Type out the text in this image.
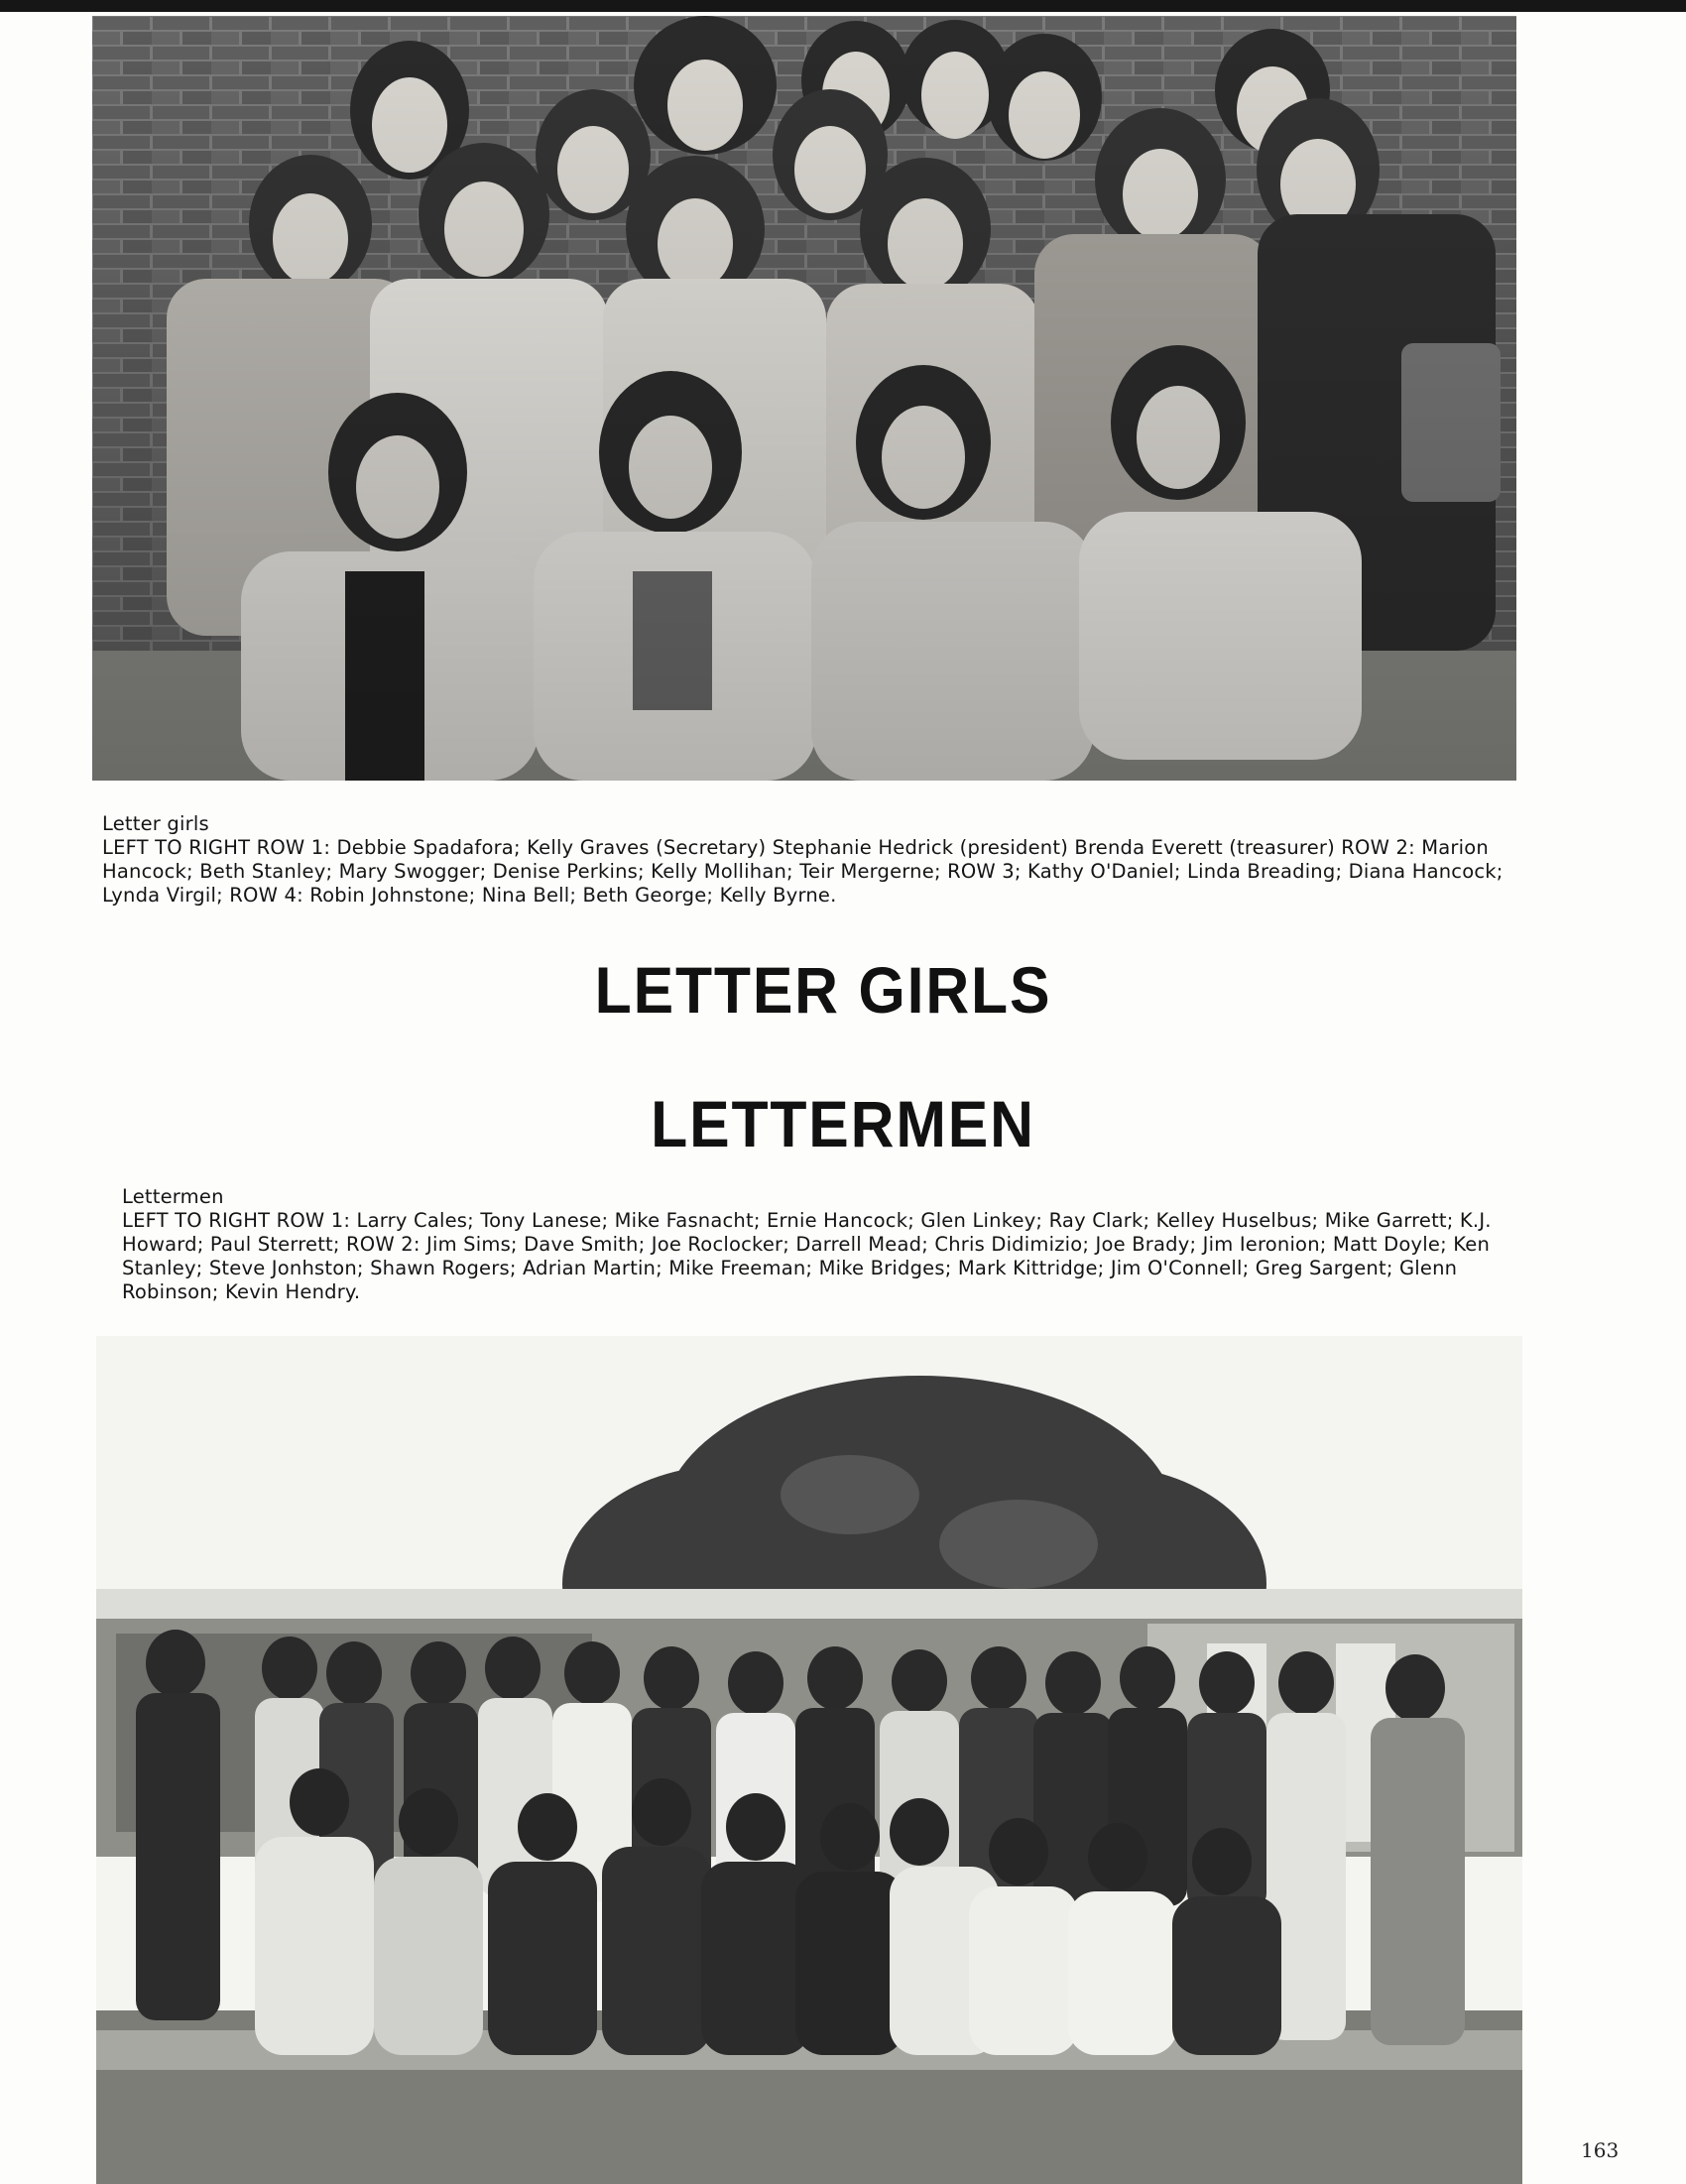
Letter girls

LEFT TO RIGHT ROW 1: Debbie Spadafora; Kelly Graves (Secretary) Stephanie Hedrick (president) Brenda Everett (treasurer) ROW 2: Marion Hancock; Beth Stanley; Mary Swogger; Denise Perkins; Kelly Mollihan; Teir Mergerne; ROW 3; Kathy O'Daniel; Linda Breading; Diana Hancock; Lynda Virgil; ROW 4: Robin Johnstone; Nina Bell; Beth George; Kelly Byrne.

LETTER GIRLS
LETTERMEN

Lettermen

LEFT TO RIGHT ROW 1: Larry Cales; Tony Lanese; Mike Fasnacht; Ernie Hancock; Glen Linkey; Ray Clark; Kelley Huselbus; Mike Garrett; K.J. Howard; Paul Sterrett; ROW 2: Jim Sims; Dave Smith; Joe Roclocker; Darrell Mead; Chris Didimizio; Joe Brady; Jim Ieronion; Matt Doyle; Ken Stanley; Steve Jonhston; Shawn Rogers; Adrian Martin; Mike Freeman; Mike Bridges; Mark Kittridge; Jim O'Connell; Greg Sargent; Glenn Robinson; Kevin Hendry.

163
